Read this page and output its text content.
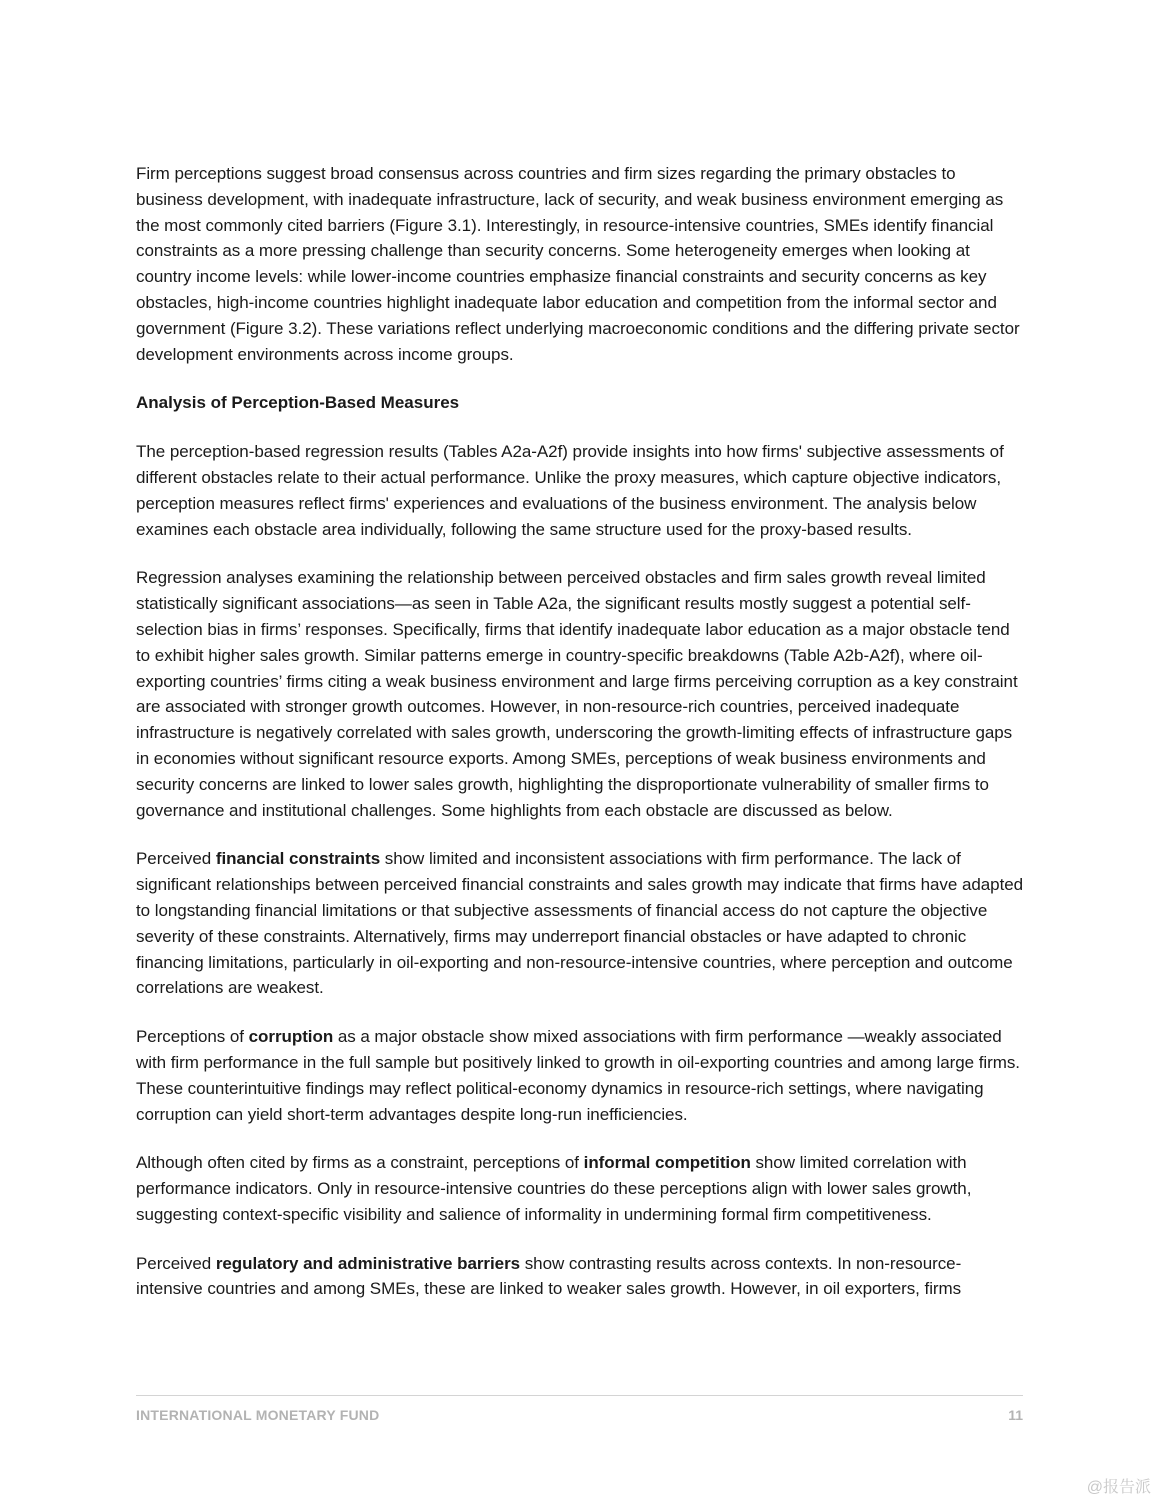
Firm perceptions suggest broad consensus across countries and firm sizes regarding the primary obstacles to business development, with inadequate infrastructure, lack of security, and weak business environment emerging as the most commonly cited barriers (Figure 3.1). Interestingly, in resource-intensive countries, SMEs identify financial constraints as a more pressing challenge than security concerns. Some heterogeneity emerges when looking at country income levels: while lower-income countries emphasize financial constraints and security concerns as key obstacles, high-income countries highlight inadequate labor education and competition from the informal sector and government (Figure 3.2). These variations reflect underlying macroeconomic conditions and the differing private sector development environments across income groups.

Analysis of Perception-Based Measures

The perception-based regression results (Tables A2a-A2f) provide insights into how firms' subjective assessments of different obstacles relate to their actual performance. Unlike the proxy measures, which capture objective indicators, perception measures reflect firms' experiences and evaluations of the business environment. The analysis below examines each obstacle area individually, following the same structure used for the proxy-based results.

Regression analyses examining the relationship between perceived obstacles and firm sales growth reveal limited statistically significant associations—as seen in Table A2a, the significant results mostly suggest a potential self-selection bias in firms’ responses. Specifically, firms that identify inadequate labor education as a major obstacle tend to exhibit higher sales growth. Similar patterns emerge in country-specific breakdowns (Table A2b-A2f), where oil-exporting countries’ firms citing a weak business environment and large firms perceiving corruption as a key constraint are associated with stronger growth outcomes. However, in non-resource-rich countries, perceived inadequate infrastructure is negatively correlated with sales growth, underscoring the growth-limiting effects of infrastructure gaps in economies without significant resource exports. Among SMEs, perceptions of weak business environments and security concerns are linked to lower sales growth, highlighting the disproportionate vulnerability of smaller firms to governance and institutional challenges. Some highlights from each obstacle are discussed as below.

Perceived financial constraints show limited and inconsistent associations with firm performance. The lack of significant relationships between perceived financial constraints and sales growth may indicate that firms have adapted to longstanding financial limitations or that subjective assessments of financial access do not capture the objective severity of these constraints. Alternatively, firms may underreport financial obstacles or have adapted to chronic financing limitations, particularly in oil-exporting and non-resource-intensive countries, where perception and outcome correlations are weakest.

Perceptions of corruption as a major obstacle show mixed associations with firm performance —weakly associated with firm performance in the full sample but positively linked to growth in oil-exporting countries and among large firms. These counterintuitive findings may reflect political-economy dynamics in resource-rich settings, where navigating corruption can yield short-term advantages despite long-run inefficiencies.

Although often cited by firms as a constraint, perceptions of informal competition show limited correlation with performance indicators. Only in resource-intensive countries do these perceptions align with lower sales growth, suggesting context-specific visibility and salience of informality in undermining formal firm competitiveness.

Perceived regulatory and administrative barriers show contrasting results across contexts. In non-resource-intensive countries and among SMEs, these are linked to weaker sales growth. However, in oil exporters, firms

INTERNATIONAL MONETARY FUND	11
@报告派
